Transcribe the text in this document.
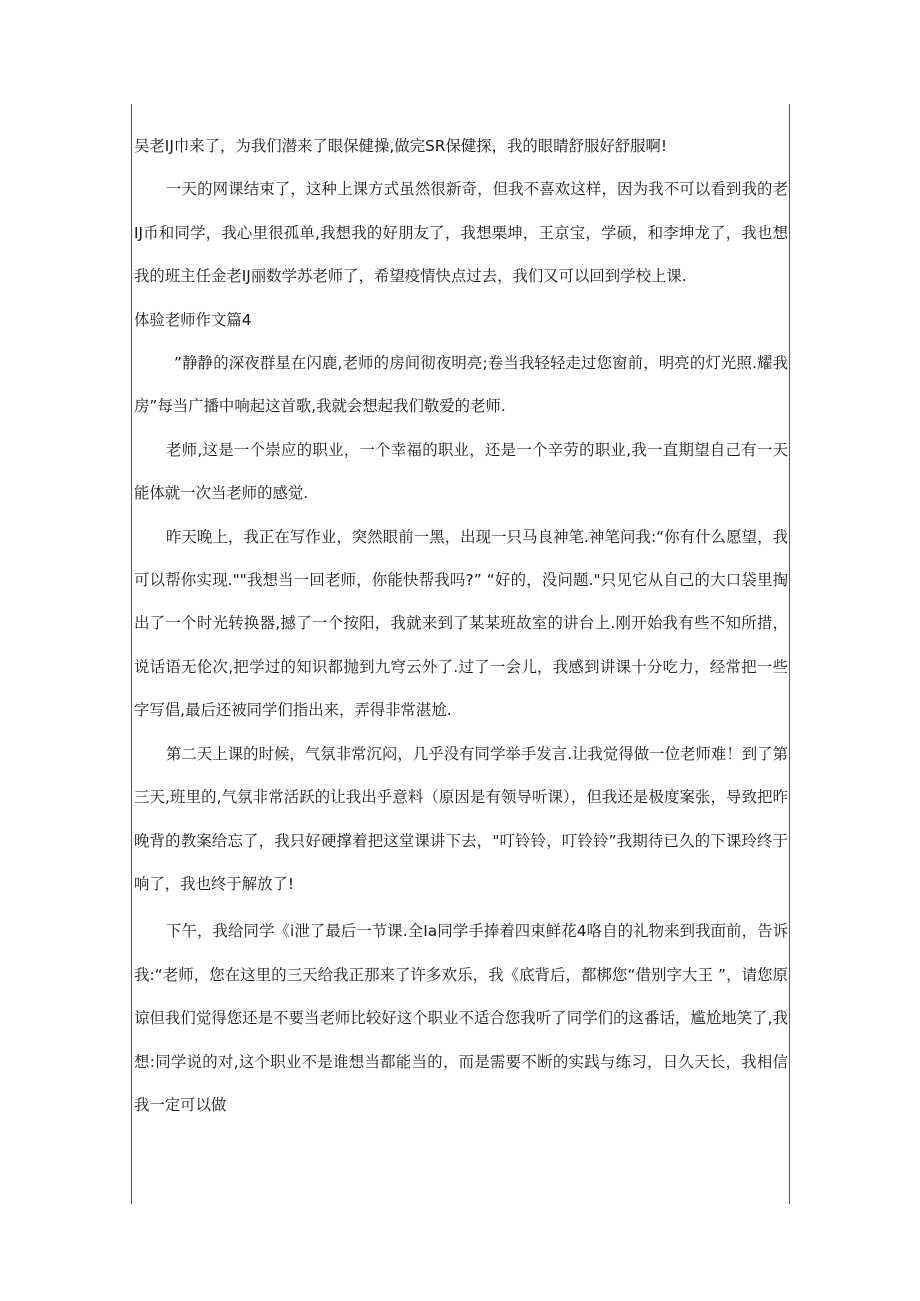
吴老IJ巾来了，为我们潜来了眼保健操,做完SR保健探，我的眼睛舒服好舒服啊!

一天的网课结束了，这种上课方式虽然很新奇，但我不喜欢这样，因为我不可以看到我的老IJ币和同学，我心里很孤单,我想我的好朋友了，我想栗坤，王京宝，学硕，和李坤龙了，我也想我的班主任金老IJ丽数学苏老师了，希望疫情快点过去，我们又可以回到学校上课.

体验老师作文篇4

”静静的深夜群星在闪鹿,老师的房间彻夜明亮;卷当我轻轻走过您窗前，明亮的灯光照.耀我房”每当广播中响起这首歌,我就会想起我们敬爱的老师.

老师,这是一个崇应的职业，一个幸福的职业，还是一个辛劳的职业,我一直期望自己有一天能体就一次当老师的感觉.

昨天晚上，我正在写作业，突然眼前一黑，出现一只马良神笔.神笔问我:“你有什么愿望，我可以帮你实现.""我想当一回老师，你能快帮我吗?” “好的，没问题."只见它从自己的大口袋里掏出了一个时光转换器,撼了一个按阳，我就来到了某某班故室的讲台上.刚开始我有些不知所措，说话语无伦次,把学过的知识都抛到九穹云外了.过了一会儿，我感到讲课十分吃力，经常把一些字写倡,最后还被同学们指出来，弄得非常湛尬.

第二天上课的时候，气氛非常沉闷，几乎没有同学举手发言.让我觉得做一位老师难！到了第三天,班里的,气氛非常活跃的让我出乎意料（原因是有领导听课），但我还是极度案张，导致把昨晚背的教案给忘了，我只好硬撑着把这堂课讲下去，"叮铃铃，叮铃铃”我期待已久的下课玲终于响了，我也终于解放了!

下午，我给同学《i泄了最后一节课.全Ia同学手捧着四束鲜花4咯自的礼物来到我面前，告诉我:“老师，您在这里的三天给我正那来了许多欢乐，我《底背后，都梆您“借别字大王 ”，请您原谅但我们觉得您还是不要当老师比较好这个职业不适合您我听了同学们的这番话，尴尬地笑了,我想:同学说的对,这个职业不是谁想当都能当的，而是需要不断的实践与练习，日久天长，我相信我一定可以做
